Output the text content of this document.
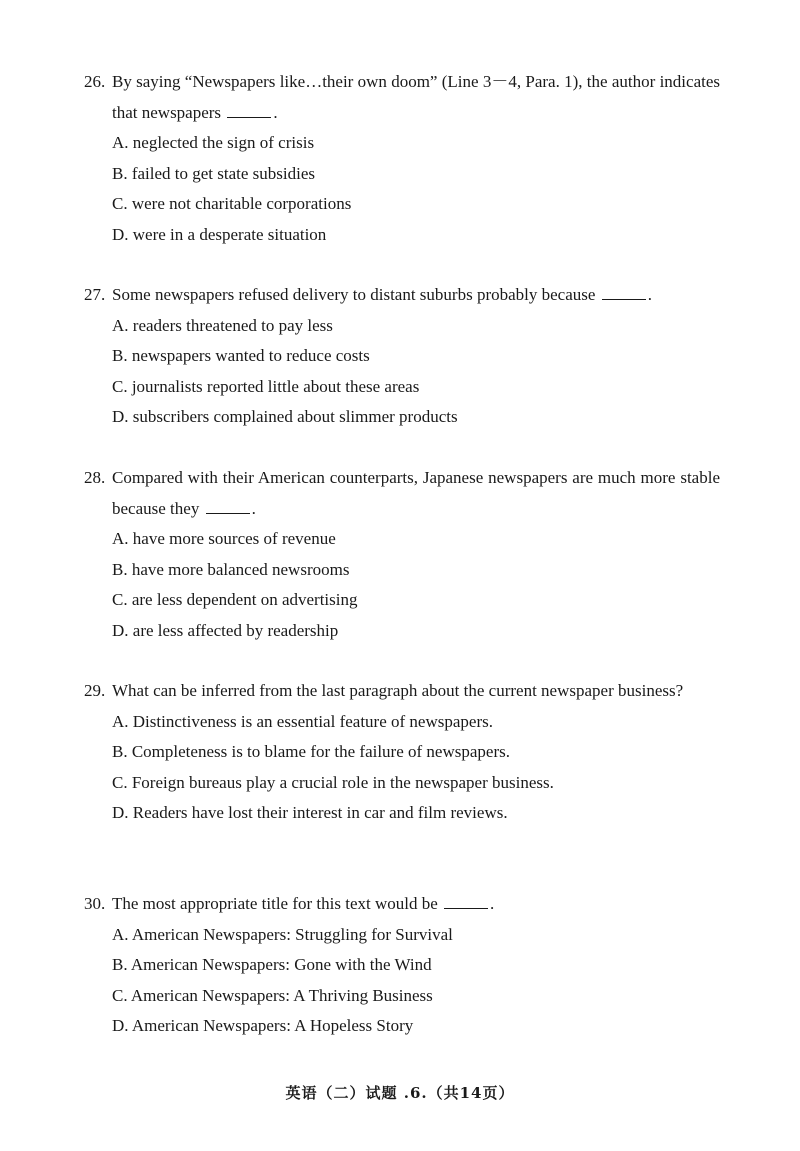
26. By saying “Newspapers like…their own doom” (Line 3－4, Para. 1), the author indicates that newspapers	.
A. neglected the sign of crisis
B. failed to get state subsidies
C. were not charitable corporations
D. were in a desperate situation
27. Some newspapers refused delivery to distant suburbs probably because	.
A. readers threatened to pay less
B. newspapers wanted to reduce costs
C. journalists reported little about these areas
D. subscribers complained about slimmer products
28. Compared with their American counterparts, Japanese newspapers are much more stable because they	.
A. have more sources of revenue
B. have more balanced newsrooms
C. are less dependent on advertising
D. are less affected by readership
29. What can be inferred from the last paragraph about the current newspaper business?
A. Distinctiveness is an essential feature of newspapers.
B. Completeness is to blame for the failure of newspapers.
C. Foreign bureaus play a crucial role in the newspaper business.
D. Readers have lost their interest in car and film reviews.
30. The most appropriate title for this text would be	.
A. American Newspapers: Struggling for Survival
B. American Newspapers: Gone with the Wind
C. American Newspapers: A Thriving Business
D. American Newspapers: A Hopeless Story
英语（二）试题 .6.（共14页）
